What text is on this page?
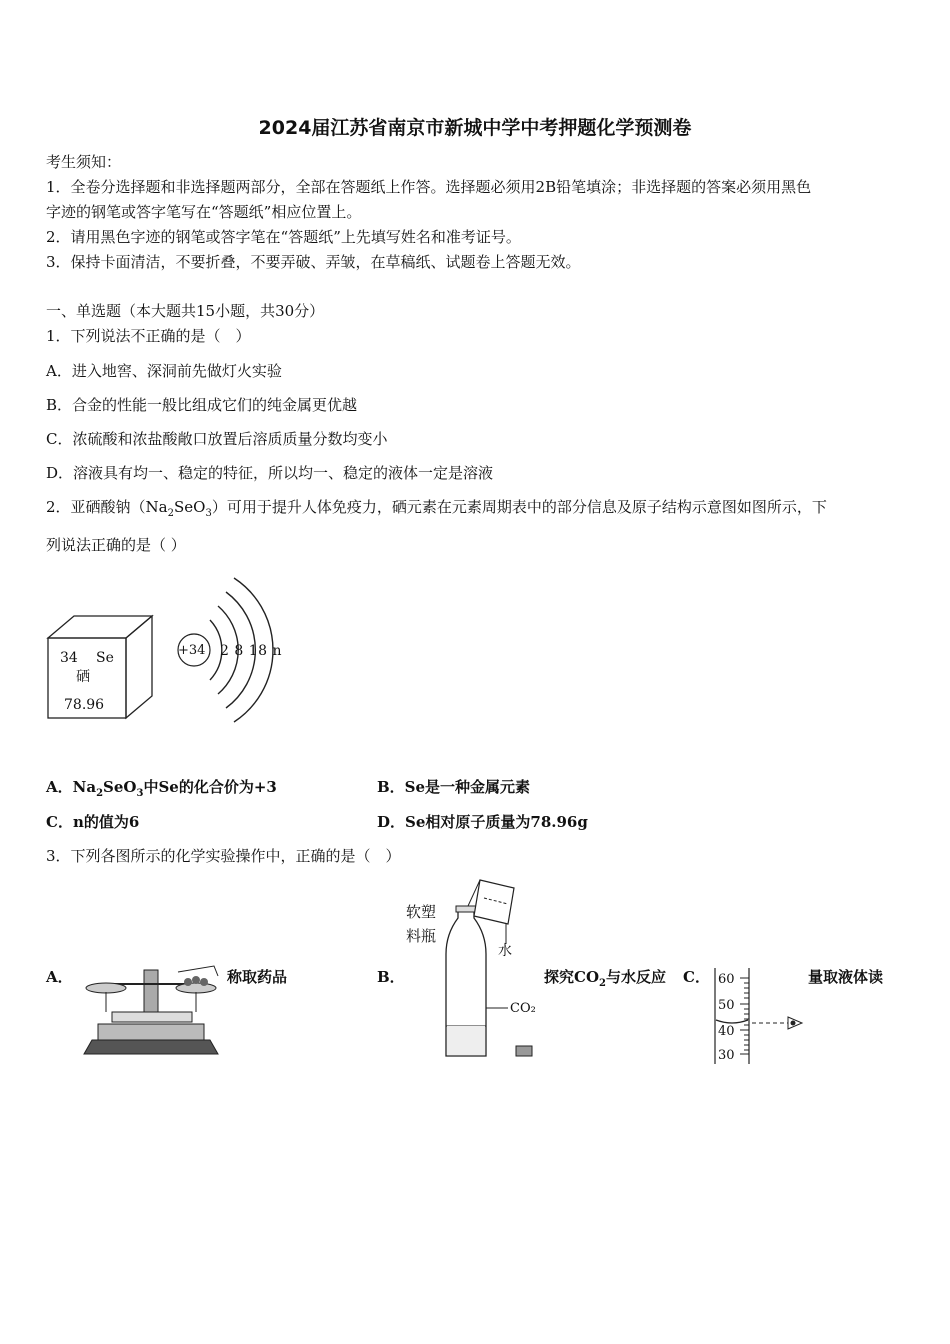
2024届江苏省南京市新城中学中考押题化学预测卷
考生须知：
1．全卷分选择题和非选择题两部分，全部在答题纸上作答。选择题必须用2B铅笔填涂；非选择题的答案必须用黑色
字迹的钢笔或答字笔写在“答题纸”相应位置上。
2．请用黑色字迹的钢笔或答字笔在“答题纸”上先填写姓名和准考证号。
3．保持卡面清洁，不要折叠，不要弄破、弄皱，在草稿纸、试题卷上答题无效。
一、单选题（本大题共15小题，共30分）
1．下列说法不正确的是（　）
A．进入地窖、深洞前先做灯火实验
B．合金的性能一般比组成它们的纯金属更优越
C．浓硫酸和浓盐酸敞口放置后溶质质量分数均变小
D．溶液具有均一、稳定的特征，所以均一、稳定的液体一定是溶液
2．亚硒酸钠$(Na_2SeO_3)$可用于提升人体免疫力，硒元素在元素周期表中的部分信息及原子结构示意图如图所示，下
列说法正确的是（ ）
34 Se
硒
78.96
+34 2 8 18 n
A．$Na_2SeO_3$中Se的化合价为+3	B．Se是一种金属元素
C．n的值为6	D．Se相对原子质量为78.96g
3．下列各图所示的化学实验操作中，正确的是（　）
A．	称取药品	B．
软塑
料瓶
水
CO₂
探究$CO_2$与水反应 C． 60
50
40
30
量取液体读
